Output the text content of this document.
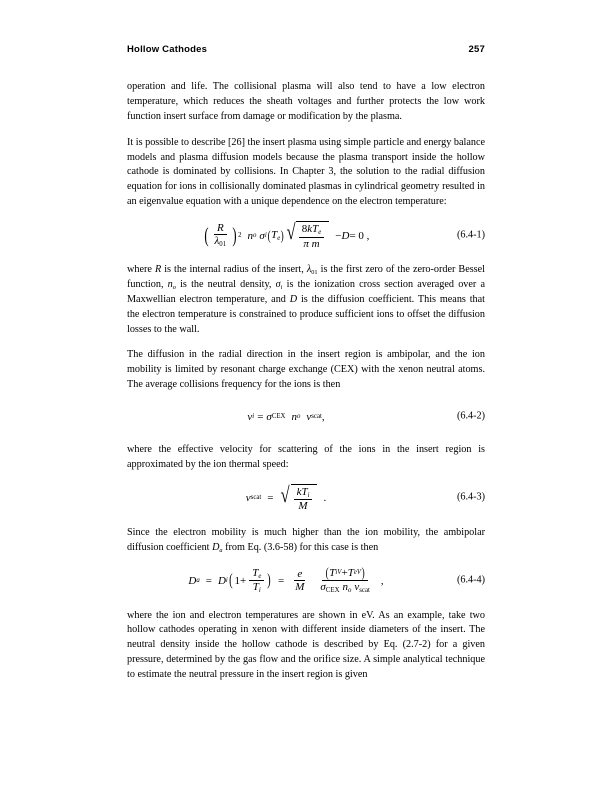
Hollow Cathodes	257

operation and life. The collisional plasma will also tend to have a low electron temperature, which reduces the sheath voltages and further protects the low work function insert surface from damage or modification by the plasma.

It is possible to describe [26] the insert plasma using simple particle and energy balance models and plasma diffusion models because the plasma transport inside the hollow cathode is dominated by collisions. In Chapter 3, the solution to the radial diffusion equation for ions in collisionally dominated plasmas in cylindrical geometry resulted in an eigenvalue equation with a unique dependence on the electron temperature:

( $\frac{R}{\lambda_{01}}$ ) 2 n o σ i ( $T_e$ ) √ $\frac{8kT_e}{\text{π m}} - D = 0$ ,	(6.4-1)

where R is the internal radius of the insert, $\lambda_{01}$ is the first zero of the zero-order Bessel function, $n_o$ is the neutral density, $\sigma_i$ is the ionization cross section averaged over a Maxwellian electron temperature, and D is the diffusion coefficient. This means that the electron temperature is constrained to produce sufficient ions to offset the diffusion losses to the wall.

The diffusion in the radial direction in the insert region is ambipolar, and the ion mobility is limited by resonant charge exchange (CEX) with the xenon neutral atoms. The average collisions frequency for the ions is then

ν i = σ CEX n o v scat ,	(6.4-2)

where the effective velocity for scattering of the ions in the insert region is approximated by the ion thermal speed:

v scat = √ $\frac{kT_i}{M}$ .	(6.4-3)

Since the electron mobility is much higher than the ion mobility, the ambipolar diffusion coefficient $D_a$ from Eq. (3.6-58) for this case is then

D a = D i ( $1+ \frac{T_e}{T_i}$ ) = $\frac{e}{M} \frac{\text{( T iV + T eV )}}{\sigma_{CEX} n_o v_{scat}}$ ,	(6.4-4)

where the ion and electron temperatures are shown in eV. As an example, take two hollow cathodes operating in xenon with different inside diameters of the insert. The neutral density inside the hollow cathode is described by Eq. (2.7-2) for a given pressure, determined by the gas flow and the orifice size. A simple analytical technique to estimate the neutral pressure in the insert region is given
